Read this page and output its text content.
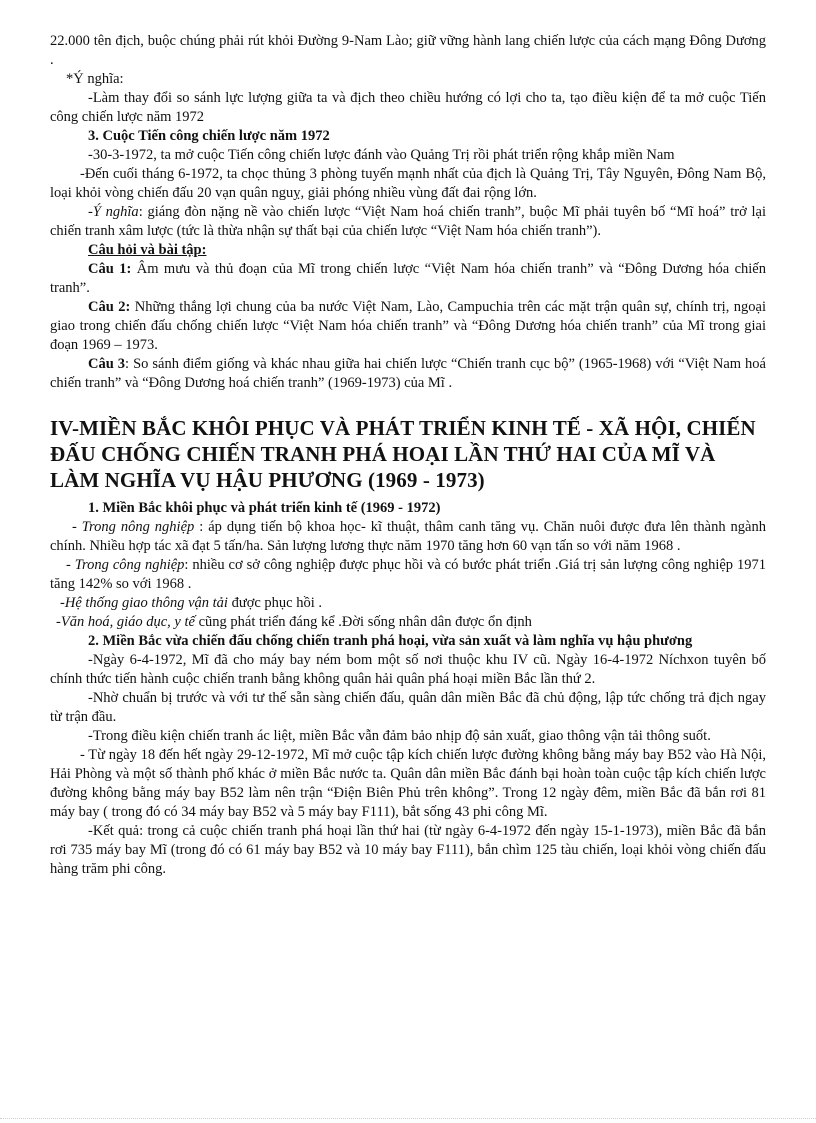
22.000 tên địch, buộc chúng phải rút khỏi Đường 9-Nam Lào; giữ vững hành lang chiến lược của cách mạng Đông Dương .

*Ý nghĩa:

-Làm thay đổi so sánh lực lượng giữa ta và địch theo chiều hướng có lợi cho ta, tạo điều kiện để ta mở cuộc Tiến công chiến lược năm 1972

3. Cuộc Tiến công chiến lược năm 1972

-30-3-1972, ta mở cuộc Tiến công chiến lược đánh vào Quảng Trị rồi phát triển rộng khắp miền Nam

-Đến cuối tháng 6-1972, ta chọc thủng 3 phòng tuyến mạnh nhất của địch là Quảng Trị, Tây Nguyên, Đông Nam Bộ, loại khỏi vòng chiến đấu 20 vạn quân nguỵ, giải phóng nhiều vùng đất đai rộng lớn.

-Ý nghĩa: giáng đòn nặng nề vào chiến lược “Việt Nam hoá chiến tranh”, buộc Mĩ phải tuyên bố “Mĩ hoá” trở lại chiến tranh xâm lược (tức là thừa nhận sự thất bại của chiến lược “Việt Nam hóa chiến tranh”).

Câu hỏi và bài tập:

Câu 1: Âm mưu và thủ đoạn của Mĩ trong chiến lược “Việt Nam hóa chiến tranh” và “Đông Dương hóa chiến tranh”.

Câu 2: Những thắng lợi chung của ba nước Việt Nam, Lào, Campuchia trên các mặt trận quân sự, chính trị, ngoại giao trong chiến đấu chống chiến lược “Việt Nam hóa chiến tranh” và “Đông Dương hóa chiến tranh” của Mĩ trong giai đoạn 1969 – 1973.

Câu 3: So sánh điểm giống và khác nhau giữa hai chiến lược “Chiến tranh cục bộ” (1965-1968) với “Việt Nam hoá chiến tranh” và “Đông Dương hoá chiến tranh” (1969-1973) của Mĩ .

IV-MIỀN BẮC KHÔI PHỤC VÀ PHÁT TRIỂN KINH TẾ - XÃ HỘI, CHIẾN ĐẤU CHỐNG CHIẾN TRANH PHÁ HOẠI LẦN THỨ HAI CỦA MĨ VÀ LÀM NGHĨA VỤ HẬU PHƯƠNG (1969 - 1973)

1. Miền Bắc khôi phục và phát triển kinh tế (1969 - 1972)

- Trong nông nghiệp : áp dụng tiến bộ khoa học- kĩ thuật, thâm canh tăng vụ. Chăn nuôi được đưa lên thành ngành chính. Nhiều hợp tác xã đạt 5 tấn/ha. Sản lượng lương thực năm 1970 tăng hơn 60 vạn tấn so với năm 1968 .

- Trong công nghiệp: nhiều cơ sở công nghiệp được phục hồi và có bước phát triển .Giá trị sản lượng công nghiệp 1971 tăng 142% so với 1968 .

-Hệ thống giao thông vận tải được phục hồi .

-Văn hoá, giáo dục, y tế cũng phát triển đáng kể .Đời sống nhân dân được ổn định

2. Miền Bắc vừa chiến đấu chống chiến tranh phá hoại, vừa sản xuất và làm nghĩa vụ hậu phương

-Ngày 6-4-1972, Mĩ đã cho máy bay ném bom một số nơi thuộc khu IV cũ. Ngày 16-4-1972 Níchxon tuyên bố chính thức tiến hành cuộc chiến tranh bằng không quân hải quân phá hoại miền Bắc lần thứ 2.

-Nhờ chuẩn bị trước và với tư thế sẵn sàng chiến đấu, quân dân miền Bắc đã chủ động, lập tức chống trả địch ngay từ trận đầu.

-Trong điều kiện chiến tranh ác liệt, miền Bắc vẫn đảm bảo nhịp độ sản xuất, giao thông vận tải thông suốt.

- Từ ngày 18 đến hết ngày 29-12-1972, Mĩ mở cuộc tập kích chiến lược đường không bằng máy bay B52 vào Hà Nội, Hải Phòng và một số thành phố khác ở miền Bắc nước ta. Quân dân miền Bắc đánh bại hoàn toàn cuộc tập kích chiến lược đường không bằng máy bay B52 làm nên trận “Điện Biên Phủ trên không”. Trong 12 ngày đêm, miền Bắc đã bắn rơi 81 máy bay ( trong đó có 34 máy bay B52 và 5 máy bay F111), bắt sống 43 phi công Mĩ.

-Kết quả: trong cả cuộc chiến tranh phá hoại lần thứ hai (từ ngày 6-4-1972 đến ngày 15-1-1973), miền Bắc đã bắn rơi 735 máy bay Mĩ (trong đó có 61 máy bay B52 và 10 máy bay F111), bắn chìm 125 tàu chiến, loại khỏi vòng chiến đấu hàng trăm phi công.
